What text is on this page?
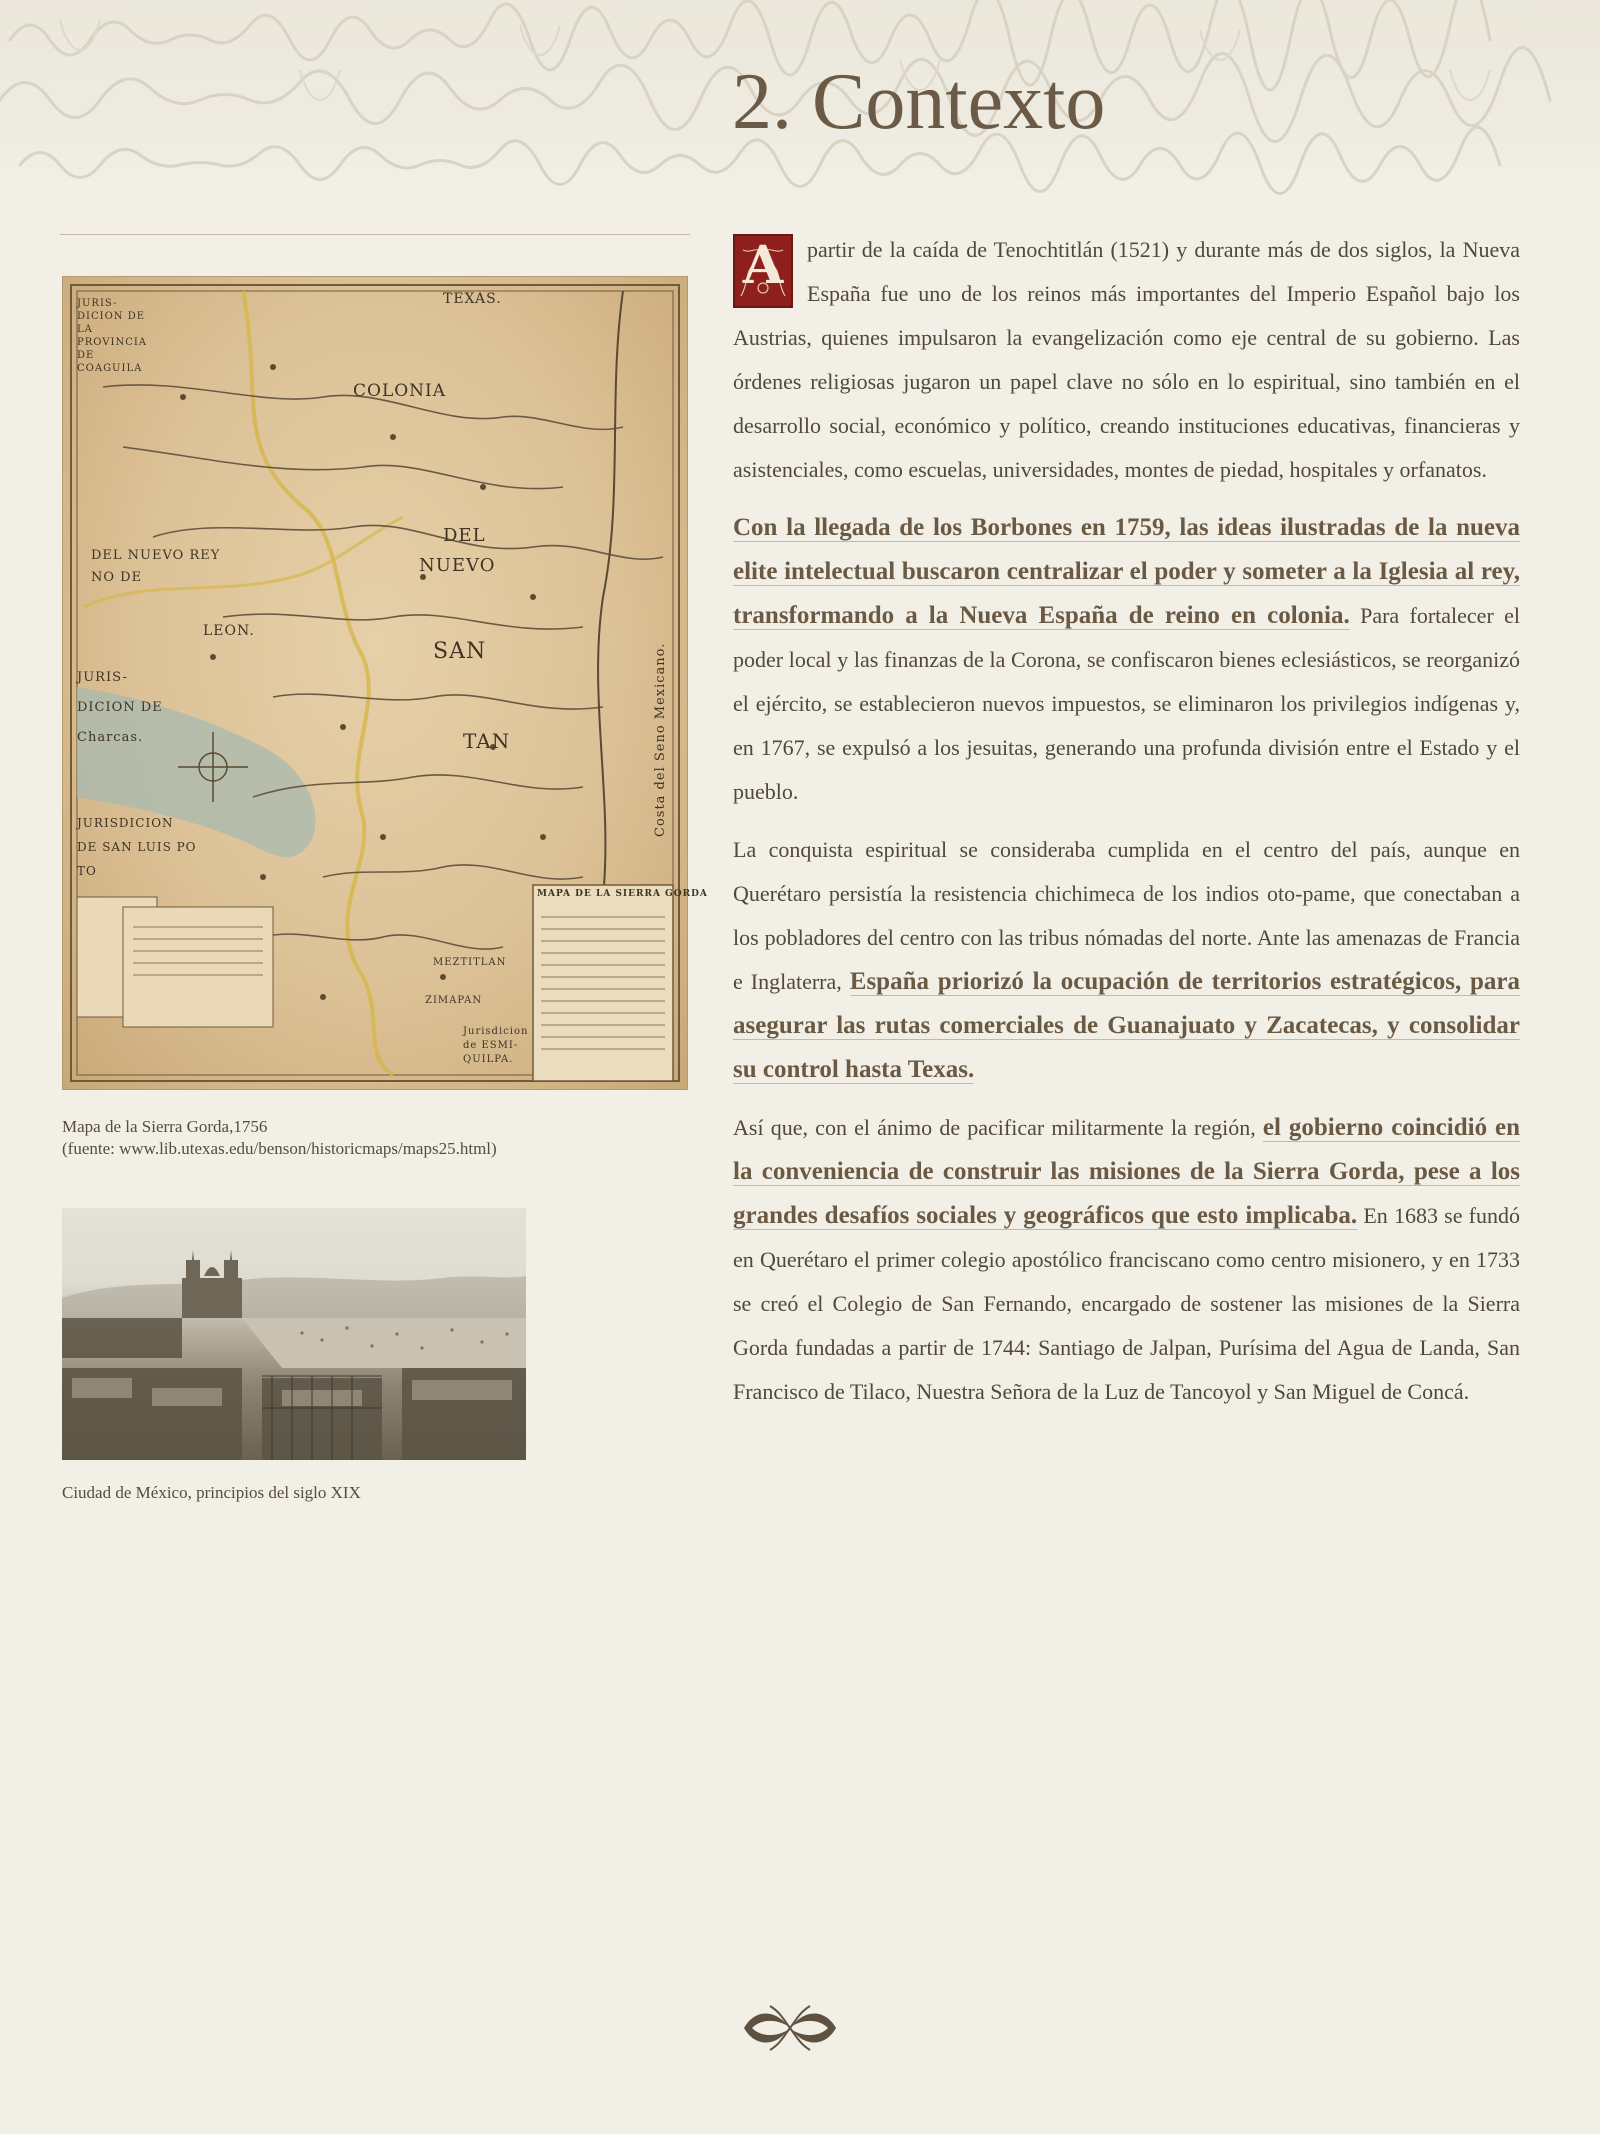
2. Contexto
TEXAS.
COLONIA
DEL
NUEVO
SAN
TAN
JURIS- DICION DE LA PROVINCIA DE COAGUILA
DEL NUEVO REY NO DE
LEON.
JURIS- DICION DE Charcas.
JURISDICION DE SAN LUIS PO TO
Costa del Seno Mexicano.
MAPA DE LA SIERRA GORDA
ZIMAPAN
MEZTITLAN
Jurisdicion de ESMI- QUILPA.
Mapa de la Sierra Gorda,1756
(fuente: www.lib.utexas.edu/benson/historicmaps/maps25.html)
Ciudad de México, principios del siglo XIX

A	partir de la caída de Tenochtitlán (1521) y durante más de dos siglos, la Nueva España fue uno de los reinos más importantes del Imperio Español bajo los Austrias, quienes impulsaron la evangelización como eje central de su gobierno. Las órdenes religiosas jugaron un papel clave no sólo en lo espiritual, sino también en el desarrollo social, económico y político, creando instituciones educativas, financieras y asistenciales, como escuelas, universidades, montes de piedad, hospitales y orfanatos.

Con la llegada de los Borbones en 1759, las ideas ilustradas de la nueva elite intelectual buscaron centralizar el poder y someter a la Iglesia al rey, transformando a la Nueva España de reino en colonia. Para fortalecer el poder local y las finanzas de la Corona, se confiscaron bienes eclesiásticos, se reorganizó el ejército, se establecieron nuevos impuestos, se eliminaron los privilegios indígenas y, en 1767, se expulsó a los jesuitas, generando una profunda división entre el Estado y el pueblo.

La conquista espiritual se consideraba cumplida en el centro del país, aunque en Querétaro persistía la resistencia chichimeca de los indios oto-pame, que conectaban a los pobladores del centro con las tribus nómadas del norte. Ante las amenazas de Francia e Inglaterra, España priorizó la ocupación de territorios estratégicos, para asegurar las rutas comerciales de Guanajuato y Zacatecas, y consolidar su control hasta Texas.

Así que, con el ánimo de pacificar militarmente la región, el gobierno coincidió en la conveniencia de construir las misiones de la Sierra Gorda, pese a los grandes desafíos sociales y geográficos que esto implicaba. En 1683 se fundó en Querétaro el primer colegio apostólico franciscano como centro misionero, y en 1733 se creó el Colegio de San Fernando, encargado de sostener las misiones de la Sierra Gorda fundadas a partir de 1744: Santiago de Jalpan, Purísima del Agua de Landa, San Francisco de Tilaco, Nuestra Señora de la Luz de Tancoyol y San Miguel de Concá.
